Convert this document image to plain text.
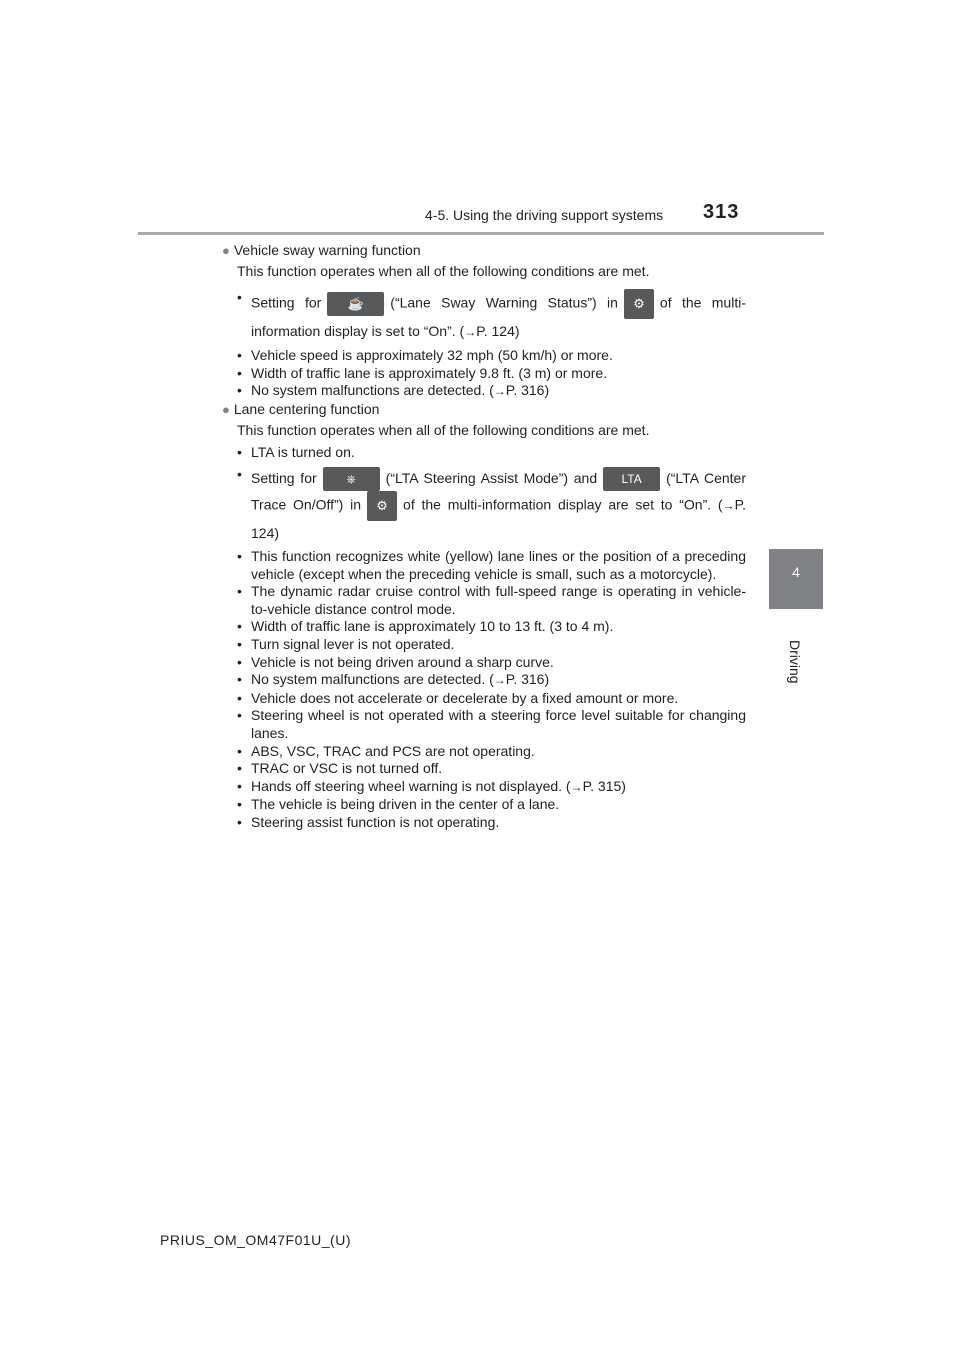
4-5. Using the driving support systems 313
4
Driving
● Vehicle sway warning function
This function operates when all of the following conditions are met.
• Setting for ☕ (“Lane Sway Warning Status”) in ⚙ of the multi-information display is set to “On”. (→P. 124)
• Vehicle speed is approximately 32 mph (50 km/h) or more.
• Width of traffic lane is approximately 9.8 ft. (3 m) or more.
• No system malfunctions are detected. (→P. 316)
● Lane centering function
This function operates when all of the following conditions are met.
• LTA is turned on.
• Setting for ⎈ (“LTA Steering Assist Mode”) and LTA (“LTA Center Trace On/Off”) in ⚙ of the multi-information display are set to “On”. (→P. 124)
• This function recognizes white (yellow) lane lines or the position of a preceding vehicle (except when the preceding vehicle is small, such as a motorcycle).
• The dynamic radar cruise control with full-speed range is operating in vehicle-to-vehicle distance control mode.
• Width of traffic lane is approximately 10 to 13 ft. (3 to 4 m).
• Turn signal lever is not operated.
• Vehicle is not being driven around a sharp curve.
• No system malfunctions are detected. (→P. 316)
• Vehicle does not accelerate or decelerate by a fixed amount or more.
• Steering wheel is not operated with a steering force level suitable for changing lanes.
• ABS, VSC, TRAC and PCS are not operating.
• TRAC or VSC is not turned off.
• Hands off steering wheel warning is not displayed. (→P. 315)
• The vehicle is being driven in the center of a lane.
• Steering assist function is not operating.
PRIUS_OM_OM47F01U_(U)
